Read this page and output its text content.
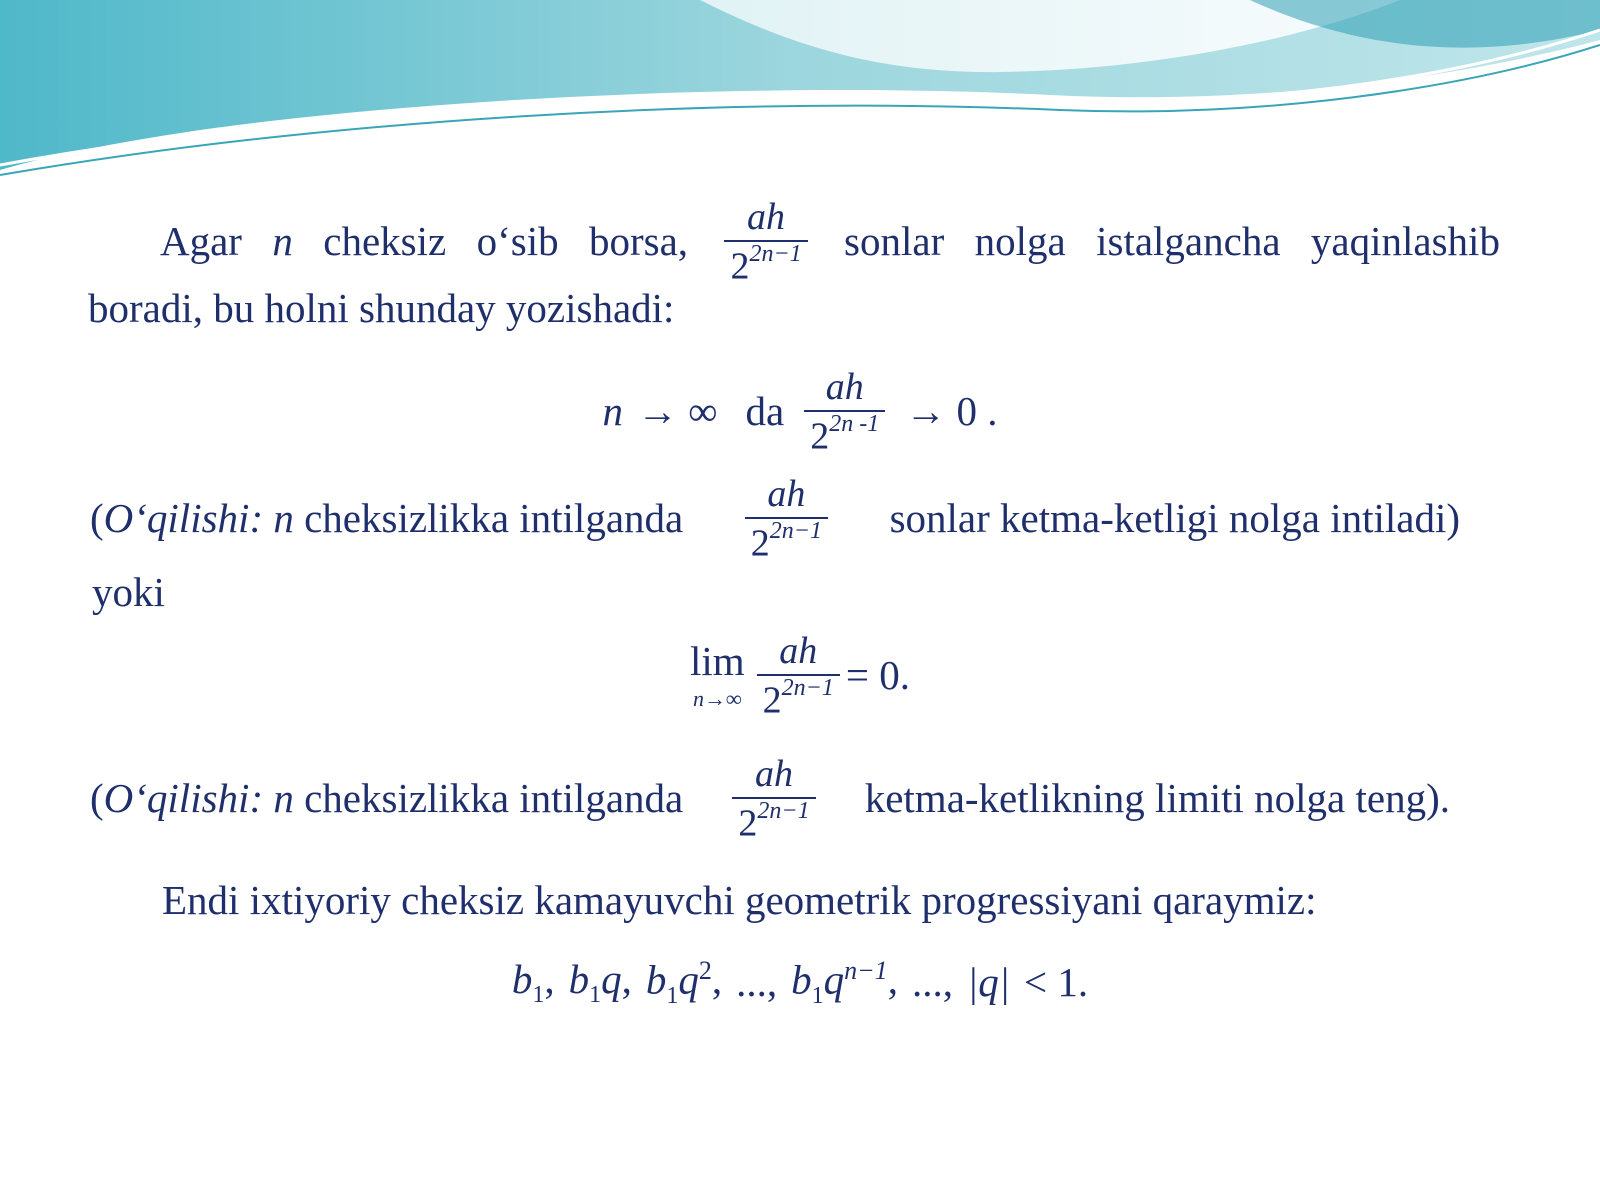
Agar n cheksiz o‘sib borsa, $\frac{ah}{2^{2n-1}}$ sonlar nolga istalgancha yaqinlashib
boradi, bu holni shunday yozishadi:
n → ∞ da $\frac{ah}{2^{2n -1}} \to 0$ .
(O‘qilishi: n cheksizlikka intilganda $\frac{ah}{2^{2n-1}}$ sonlar ketma-ketligi nolga intiladi)
yoki
lim
$n\to\infty \frac{ah}{2^{2n-1}} = 0$.
(O‘qilishi: n cheksizlikka intilganda $\frac{ah}{2^{2n-1}}$ ketma-ketlikning limiti nolga teng).
Endi ixtiyoriy cheksiz kamayuvchi geometrik progressiyani qaraymiz:
$b_1$, $b_1q$, $b_1q^2$, ..., $b_1q^{n-1}$, ..., |q| < 1.
